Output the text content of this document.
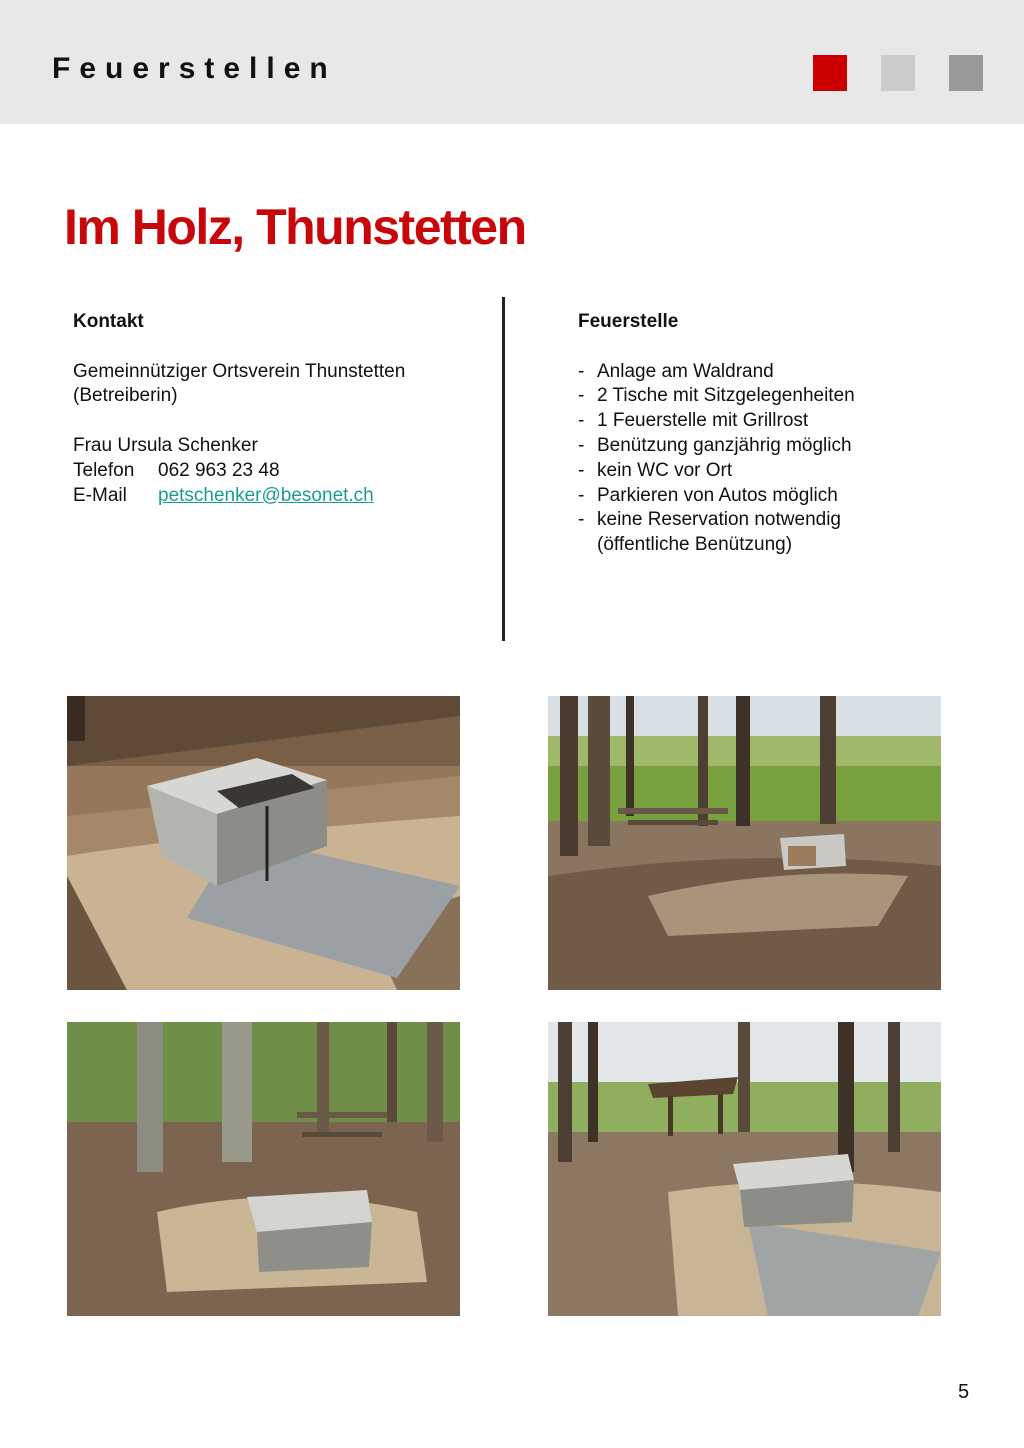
Feuerstellen
Im Holz, Thunstetten
Kontakt
Gemeinnütziger Ortsverein Thunstetten
(Betreiberin)
Frau Ursula Schenker
Telefon 062 963 23 48
E-Mail petschenker@besonet.ch
Feuerstelle
- Anlage am Waldrand
- 2 Tische mit Sitzgelegenheiten
- 1 Feuerstelle mit Grillrost
- Benützung ganzjährig möglich
- kein WC vor Ort
- Parkieren von Autos möglich
- keine Reservation notwendig
(öffentliche Benützung)
5
